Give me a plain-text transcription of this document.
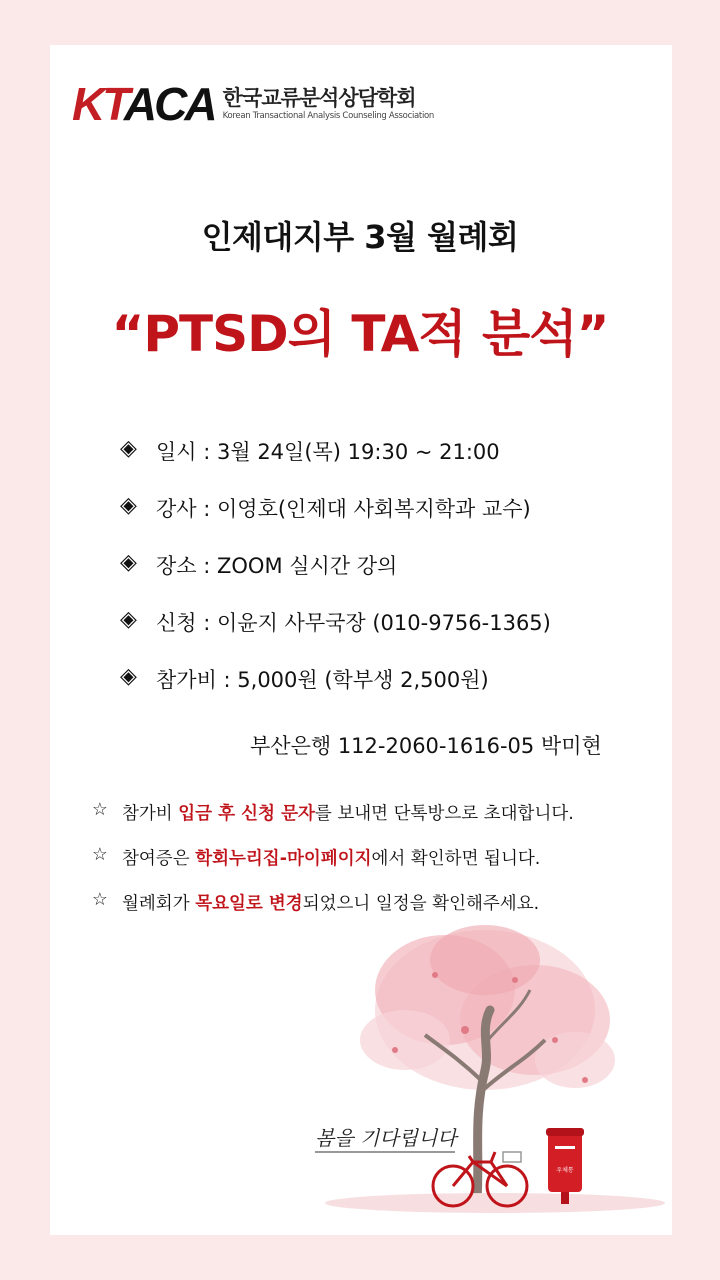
KTACA 한국교류분석상담학회
Korean Transactional Analysis Counseling Association
인제대지부 3월 월례회
“PTSD의 TA적 분석”
◈ 일시 : 3월 24일(목) 19:30 ~ 21:00
◈ 강사 : 이영호(인제대 사회복지학과 교수)
◈ 장소 : ZOOM 실시간 강의
◈ 신청 : 이윤지 사무국장 (010-9756-1365)
◈ 참가비 : 5,000원 (학부생 2,500원)
부산은행 112-2060-1616-05 박미현
☆ 참가비 입금 후 신청 문자를 보내면 단톡방으로 초대합니다.
☆ 참여증은 학회누리집-마이페이지에서 확인하면 됩니다.
☆ 월례회가 목요일로 변경되었으니 일정을 확인해주세요.
우체통
봄을 기다립니다
